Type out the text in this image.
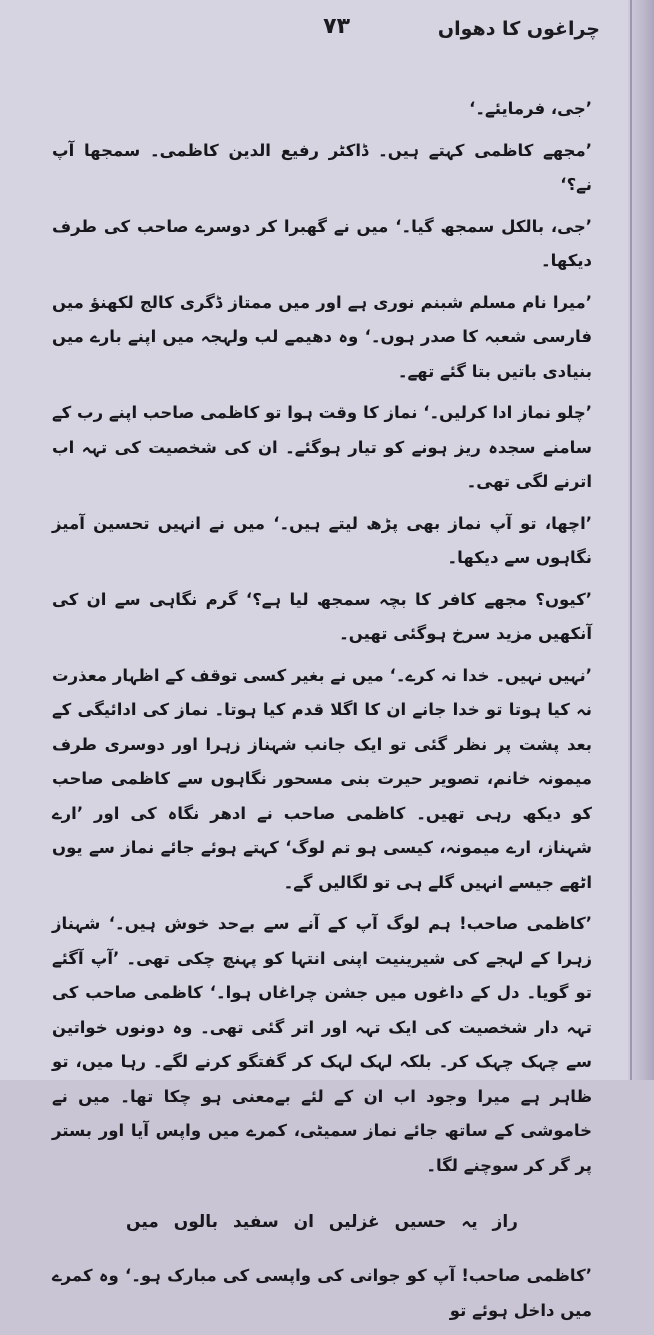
چراغوں کا دھواں
۷۳

’جی، فرمایئے۔‘

’مجھے کاظمی کہتے ہیں۔ ڈاکٹر رفیع الدین کاظمی۔ سمجھا آپ نے؟‘

’جی، بالکل سمجھ گیا۔‘ میں نے گھبرا کر دوسرے صاحب کی طرف دیکھا۔

’میرا نام مسلم شبنم نوری ہے اور میں ممتاز ڈگری کالج لکھنؤ میں فارسی شعبہ کا صدر ہوں۔‘ وہ دھیمے لب ولہجہ میں اپنے بارے میں بنیادی باتیں بتا گئے تھے۔

’چلو نماز ادا کرلیں۔‘ نماز کا وقت ہوا تو کاظمی صاحب اپنے رب کے سامنے سجدہ ریز ہونے کو تیار ہوگئے۔ ان کی شخصیت کی تہہ اب اترنے لگی تھی۔

’اچھا، تو آپ نماز بھی پڑھ لیتے ہیں۔‘ میں نے انہیں تحسین آمیز نگاہوں سے دیکھا۔

’کیوں؟ مجھے کافر کا بچہ سمجھ لیا ہے؟‘ گرم نگاہی سے ان کی آنکھیں مزید سرخ ہوگئی تھیں۔

’نہیں نہیں۔ خدا نہ کرے۔‘ میں نے بغیر کسی توقف کے اظہار معذرت نہ کیا ہوتا تو خدا جانے ان کا اگلا قدم کیا ہوتا۔ نماز کی ادائیگی کے بعد پشت پر نظر گئی تو ایک جانب شہناز زہرا اور دوسری طرف میمونہ خانم، تصویر حیرت بنی مسحور نگاہوں سے کاظمی صاحب کو دیکھ رہی تھیں۔ کاظمی صاحب نے ادھر نگاہ کی اور ’ارے شہناز، ارے میمونہ، کیسی ہو تم لوگ‘ کہتے ہوئے جائے نماز سے یوں اٹھے جیسے انہیں گلے ہی تو لگالیں گے۔

’کاظمی صاحب! ہم لوگ آپ کے آنے سے بےحد خوش ہیں۔‘ شہناز زہرا کے لہجے کی شیرینیت اپنی انتہا کو پہنچ چکی تھی۔ ’آپ آگئے تو گویا۔ دل کے داغوں میں جشن چراغاں ہوا۔‘ کاظمی صاحب کی تہہ دار شخصیت کی ایک تہہ اور اتر گئی تھی۔ وہ دونوں خواتین سے چہک چہک کر۔ بلکہ لہک لہک کر گفتگو کرنے لگے۔ رہا میں، تو ظاہر ہے میرا وجود اب ان کے لئے بےمعنی ہو چکا تھا۔ میں نے خاموشی کے ساتھ جائے نماز سمیٹی، کمرے میں واپس آیا اور بستر پر گر کر سوچنے لگا۔

راز یہ حسیں غزلیں ان سفید بالوں میں

’کاظمی صاحب! آپ کو جوانی کی واپسی کی مبارک ہو۔‘ وہ کمرے میں داخل ہوئے تو
